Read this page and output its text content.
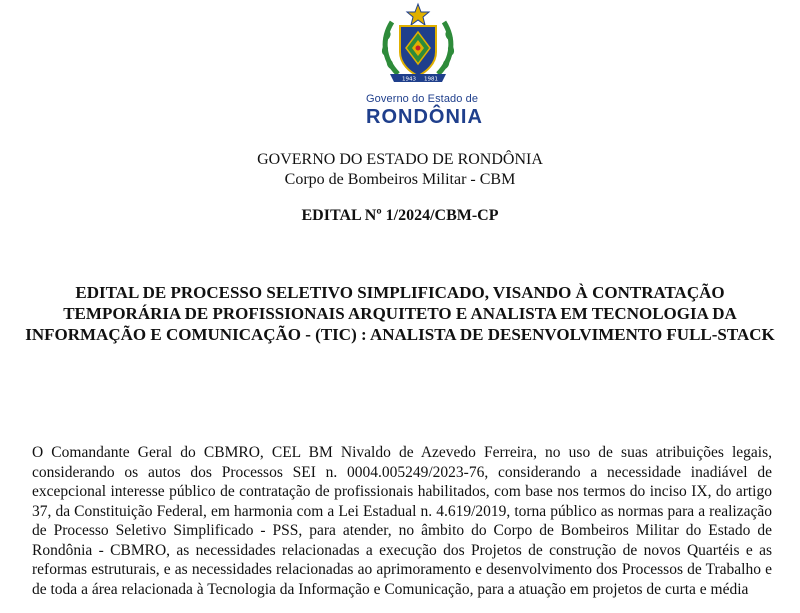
1943 1981
Governo do Estado de
RONDÔNIA
GOVERNO DO ESTADO DE RONDÔNIA
Corpo de Bombeiros Militar - CBM
EDITAL Nº 1/2024/CBM-CP
EDITAL DE PROCESSO SELETIVO SIMPLIFICADO, VISANDO À CONTRATAÇÃO TEMPORÁRIA DE PROFISSIONAIS ARQUITETO E ANALISTA EM TECNOLOGIA DA INFORMAÇÃO E COMUNICAÇÃO - (TIC) : ANALISTA DE DESENVOLVIMENTO FULL-STACK

O Comandante Geral do CBMRO, CEL BM Nivaldo de Azevedo Ferreira, no uso de suas atribuições legais, considerando os autos dos Processos SEI n. 0004.005249/2023-76, considerando a necessidade inadiável de excepcional interesse público de contratação de profissionais habilitados, com base nos termos do inciso IX, do artigo 37, da Constituição Federal, em harmonia com a Lei Estadual n. 4.619/2019, torna público as normas para a realização de Processo Seletivo Simplificado - PSS, para atender, no âmbito do Corpo de Bombeiros Militar do Estado de Rondônia - CBMRO, as necessidades relacionadas a execução dos Projetos de construção de novos Quartéis e as reformas estruturais, e as necessidades relacionadas ao aprimoramento e desenvolvimento dos Processos de Trabalho e de toda a área relacionada à Tecnologia da Informação e Comunicação, para a atuação em projetos de curta e média
